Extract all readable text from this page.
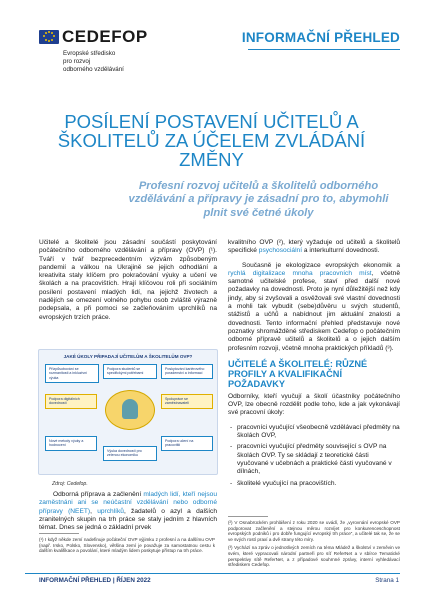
CEDEFOP
Evropské středisko
pro rozvoj
odborného vzdělávání
INFORMAČNÍ PŘEHLED
POSÍLENÍ POSTAVENÍ UČITELŮ A ŠKOLITELŮ ZA ÚČELEM ZVLÁDÁNÍ ZMĚNY
Profesní rozvoj učitelů a školitelů odborného vzdělávání a přípravy je zásadní pro to, abymohli plnit své četné úkoly

Učitelé a školitelé jsou zásadní součástí poskytování počátečního odborného vzdělávání a přípravy (OVP) (¹). Tváří v tvář bezprecedentním výzvám způsobeným pandemií a válkou na Ukrajině se jejich odhodlání a kreativita staly klíčem pro pokračování výuky a učení ve školách a na pracovištích. Hrají klíčovou roli při sociálním posílení postavení mladých lidí, na jejichž životech a nadějích se omezení volného pohybu osob zvláště výrazně podepsala, a při pomoci se začleňováním uprchlíků na evropských trzích práce.

JAKÉ ÚKOLY PŘIPADAJÍ UČITELŮM A ŠKOLITELŮM OVP?
Přizpůsobování se rozmanitosti a inkluzivní výuka
Podpora studentů se specifickými potřebami
Poskytování kariérového poradenství a informací
Podpora digitálních dovedností
Spolupráce se zaměstnavateli
Nové metody výuky a hodnocení
Výuka dovedností pro zelenou ekonomiku
Podpora učení na pracovišti
Zdroj: Cedefop.
Odborná příprava a začlenění mladých lidí, kteří nejsou zaměstnáni ani se neúčastní vzdělávání nebo odborné přípravy (NEET), uprchlíků, žadatelů o azyl a dalších zranitelných skupin na trh práce se staly jedním z hlavních témat. Dnes se jedná o základní prvek

kvalitního OVP (²), který vyžaduje od učitelů a školitelů specifické psychosociální a interkulturní dovednosti.

Současně je ekologizace evropských ekonomik a rychlá digitalizace mnoha pracovních míst, včetně samotné učitelské profese, staví před další nové požadavky na dovednosti. Proto je nyní důležitější než kdy jindy, aby si zvyšovali a osvěžovali své vlastní dovednosti a mohli tak vybudit (sebe)důvěru u svých studentů, stážistů a učňů a nabídnout jim aktuální znalosti a dovednosti. Tento informační přehled představuje nové poznatky shromážděné střediskem Cedefop o počátečním odborné přípravě učitelů a školitelů a o jejich dalším profesním rozvoji, včetně mnoha praktických příkladů (³).

UČITELÉ A ŠKOLITELÉ: RŮZNÉ PROFILY A KVALIFIKAČNÍ POŽADAVKY

Odborníky, kteří vyučují a školí účastníky počátečního OVP, lze obecně rozdělit podle toho, kde a jak vykonávají své pracovní úkoly:

- pracovníci vyučující všeobecně vzdělávací předměty na školách OVP,
- pracovníci vyučující předměty související s OVP na školách OVP. Ty se skládají z teoretické části vyučované v učebnách a praktické části vyučované v dílnách,
- školitelé vyučující na pracovištích.
(¹) I když někde zemí nadefinuje počáteční OVP výjimku z profesní a na dalšímu OVP (např. Irsko, Polsko, Slovensko), většina zemí je považuje za samostatnou cestu k dalším kvalifikace a povolání, které mladým lidem poskytuje přístup na trh práce.
(²) V Osnabrückém prohlášení z roku 2020 se uvádí, že „vyrovnání evropské OVP podporovat začlenění a stejnou měrou rozvíjet pro konkurenceschopnost evropských podniků i pro dobře fungující evropský trh práce“, a učitelé tak se, že se ve svých rostí praxí a dvě strany této míry.
(³) Vychází na zpráv o jednotlivých zemích na téma Mládež a školství v zeměvin ve svém, které vypracovali národní partneři pro síť ReferNet a v sbírce Tematické perspektivy sítě ReferNet, a z případové souhrnné zprávy, interní vyhledávací střediskem Cedefop.
INFORMAČNÍ PŘEHLED | ŘÍJEN 2022	Strana 1
